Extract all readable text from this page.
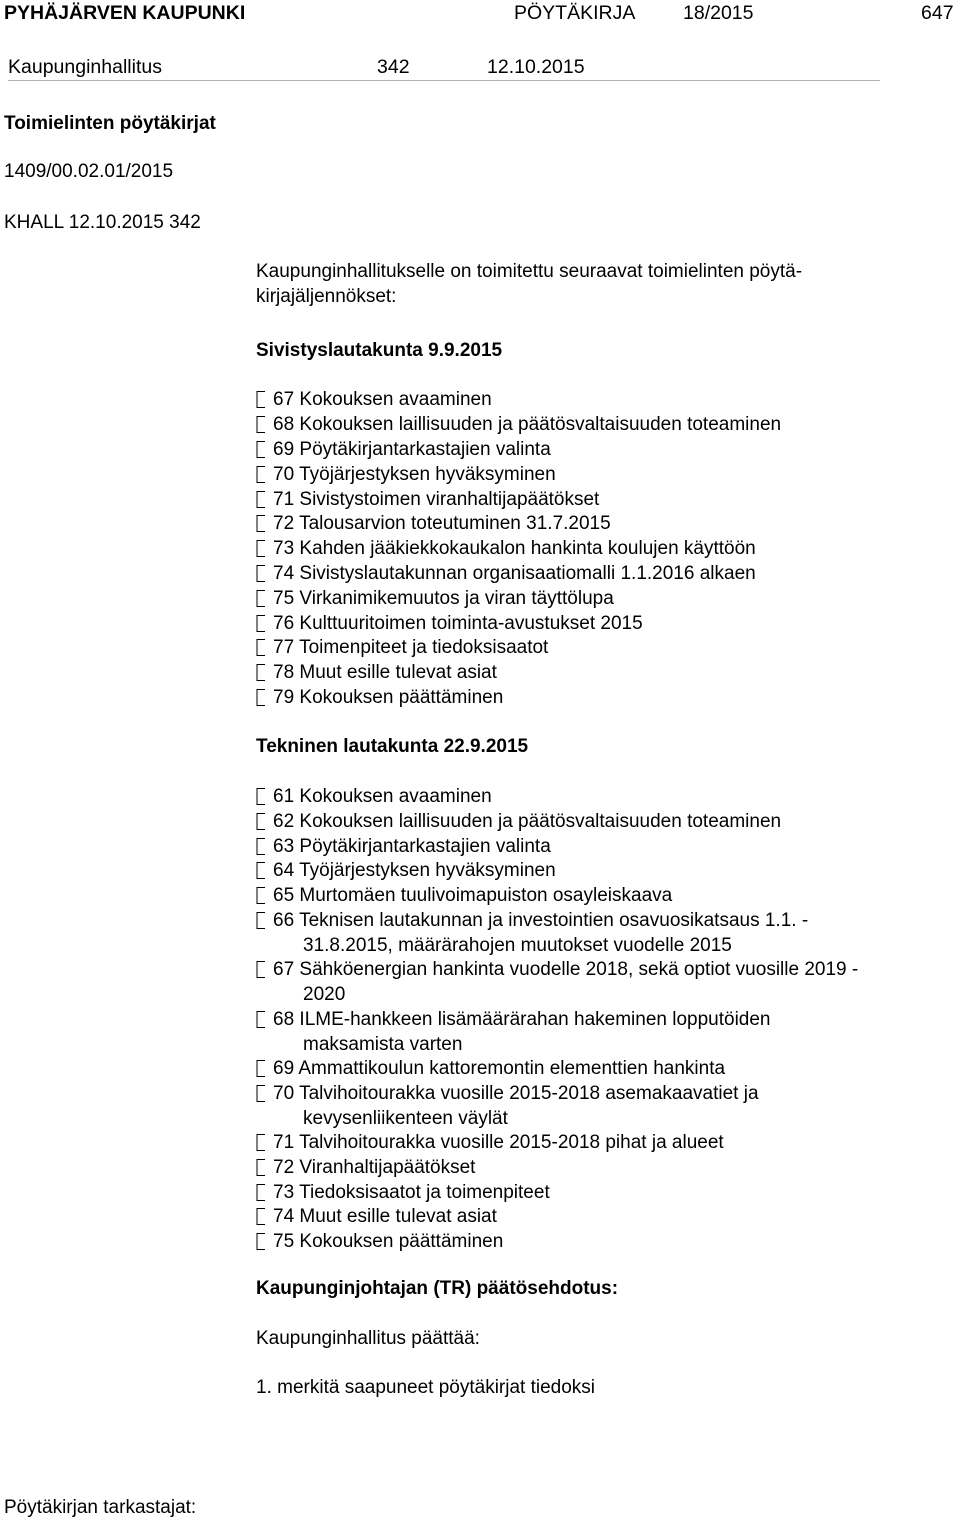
PYHÄJÄRVEN KAUPUNKI	PÖYTÄKIRJA 18/2015	647
Kaupunginhallitus	342	12.10.2015
Toimielinten pöytäkirjat
1409/00.02.01/2015
KHALL 12.10.2015 342
Kaupunginhallitukselle on toimitettu seuraavat toimielinten pöytä-kirjajäljennökset:
Sivistyslautakunta 9.9.2015
67 Kokouksen avaaminen
68 Kokouksen laillisuuden ja päätösvaltaisuuden toteaminen
69 Pöytäkirjantarkastajien valinta
70 Työjärjestyksen hyväksyminen
71 Sivistystoimen viranhaltijapäätökset
72 Talousarvion toteutuminen 31.7.2015
73 Kahden jääkiekkokaukalon hankinta koulujen käyttöön
74 Sivistyslautakunnan organisaatiomalli 1.1.2016 alkaen
75 Virkanimikemuutos ja viran täyttölupa
76 Kulttuuritoimen toiminta-avustukset 2015
77 Toimenpiteet ja tiedoksisaatot
78 Muut esille tulevat asiat
79 Kokouksen päättäminen
Tekninen lautakunta 22.9.2015
61 Kokouksen avaaminen
62 Kokouksen laillisuuden ja päätösvaltaisuuden toteaminen
63 Pöytäkirjantarkastajien valinta
64 Työjärjestyksen hyväksyminen
65 Murtomäen tuulivoimapuiston osayleiskaava
66 Teknisen lautakunnan ja investointien osavuosikatsaus 1.1. - 31.8.2015, määrärahojen muutokset vuodelle 2015
67 Sähköenergian hankinta vuodelle 2018, sekä optiot vuosille 2019 - 2020
68 ILME-hankkeen lisämäärärahan hakeminen lopputöiden maksamista varten
69 Ammattikoulun kattoremontin elementtien hankinta
70 Talvihoitourakka vuosille 2015-2018 asemakaavatiet ja kevysenliikenteen väylät
71 Talvihoitourakka vuosille 2015-2018 pihat ja alueet
72 Viranhaltijapäätökset
73 Tiedoksisaatot ja toimenpiteet
74 Muut esille tulevat asiat
75 Kokouksen päättäminen
Kaupunginjohtajan (TR) päätösehdotus:
Kaupunginhallitus päättää:
1. merkitä saapuneet pöytäkirjat tiedoksi
Pöytäkirjan tarkastajat:
